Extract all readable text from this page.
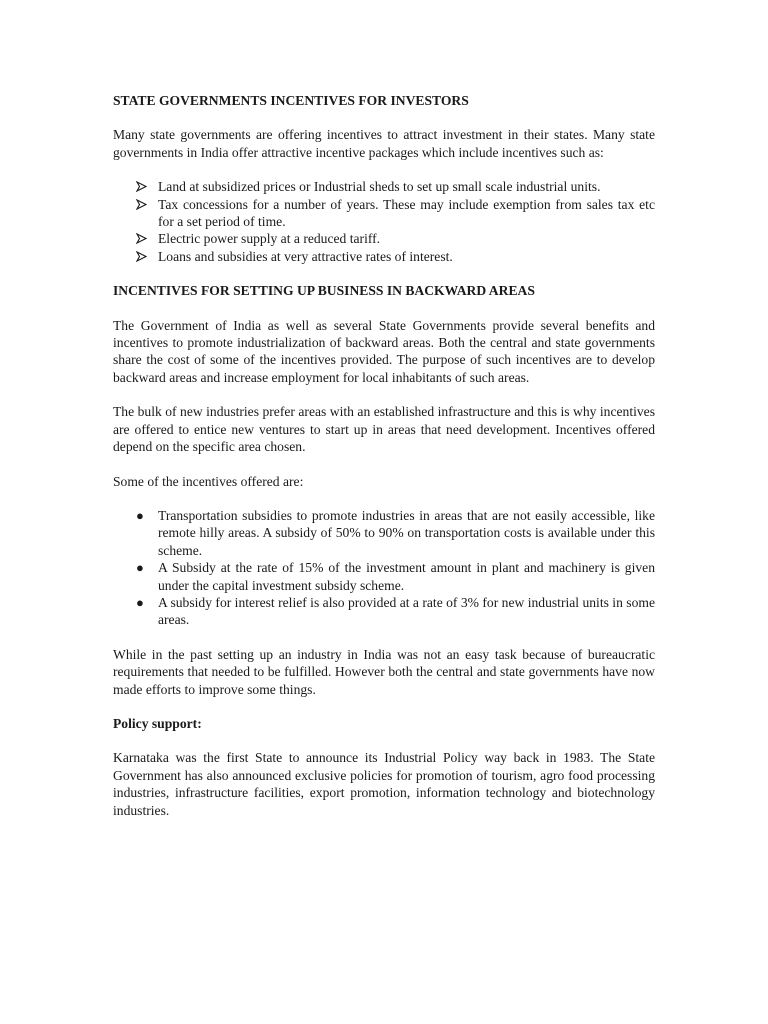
STATE GOVERNMENTS INCENTIVES FOR INVESTORS

Many state governments are offering incentives to attract investment in their states. Many state governments in India offer attractive incentive packages which include incentives such as:

Land at subsidized prices or Industrial sheds to set up small scale industrial units.
Tax concessions for a number of years. These may include exemption from sales tax etc for a set period of time.
Electric power supply at a reduced tariff.
Loans and subsidies at very attractive rates of interest.
INCENTIVES FOR SETTING UP BUSINESS IN BACKWARD AREAS

The Government of India as well as several State Governments provide several benefits and incentives to promote industrialization of backward areas. Both the central and state governments share the cost of some of the incentives provided. The purpose of such incentives are to develop backward areas and increase employment for local inhabitants of such areas.

The bulk of new industries prefer areas with an established infrastructure and this is why incentives are offered to entice new ventures to start up in areas that need development. Incentives offered depend on the specific area chosen.

Some of the incentives offered are:

●	Transportation subsidies to promote industries in areas that are not easily accessible, like remote hilly areas. A subsidy of 50% to 90% on transportation costs is available under this scheme.
●	A Subsidy at the rate of 15% of the investment amount in plant and machinery is given under the capital investment subsidy scheme.
●	A subsidy for interest relief is also provided at a rate of 3% for new industrial units in some areas.

While in the past setting up an industry in India was not an easy task because of bureaucratic requirements that needed to be fulfilled. However both the central and state governments have now made efforts to improve some things.

Policy support:

Karnataka was the first State to announce its Industrial Policy way back in 1983. The State Government has also announced exclusive policies for promotion of tourism, agro food processing industries, infrastructure facilities, export promotion, information technology and biotechnology industries.
